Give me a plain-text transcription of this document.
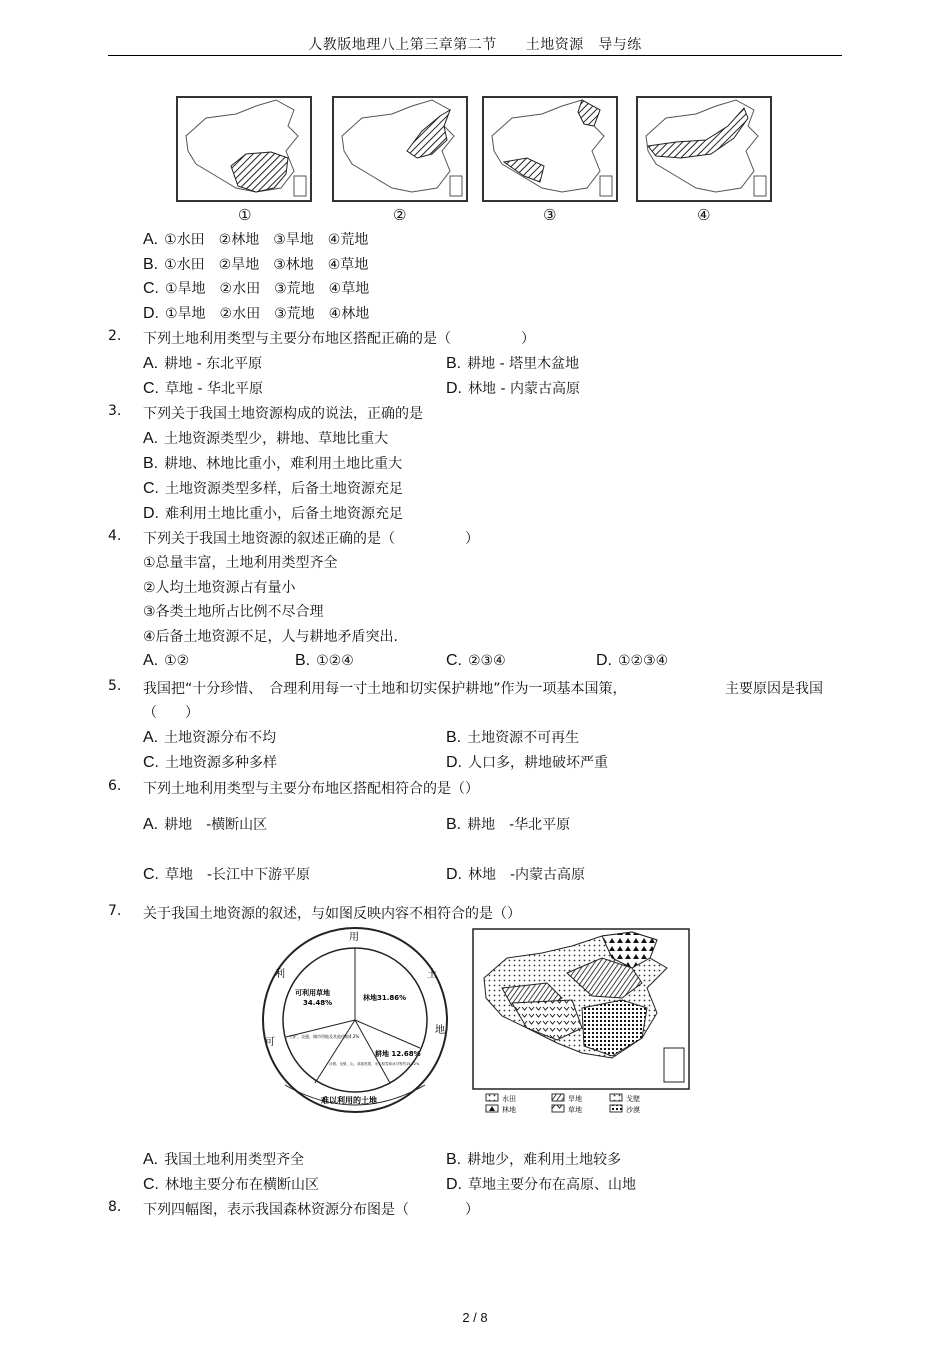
人教版地理八上第三章第二节　　土地资源　导与练
①	②	③	④
A. ①水田　②林地　③旱地　④荒地
B. ①水田　②旱地　③林地　④草地
C. ①旱地　②水田　③荒地　④草地
D. ①旱地　②水田　③荒地　④林地
2. 下列土地利用类型与主要分布地区搭配正确的是（　　　　　）
A. 耕地 - 东北平原	B. 耕地 - 塔里木盆地
C. 草地 - 华北平原	D. 林地 - 内蒙古高原
3. 下列关于我国土地资源构成的说法，正确的是
A. 土地资源类型少，耕地、草地比重大
B. 耕地、林地比重小，难利用土地比重大
C. 土地资源类型多样，后备土地资源充足
D. 难利用土地比重小，后备土地资源充足
4. 下列关于我国土地资源的叙述正确的是（　　　　　）
①总量丰富，土地利用类型齐全
②人均土地资源占有量小
③各类土地所占比例不尽合理
④后备土地资源不足，人与耕地矛盾突出.
A. ①②	B. ①②④	C. ②③④	D. ①②③④
5. 我国把“十分珍惜、　合理利用每一寸土地和切实保护耕地”作为一项基本国策，	主要原因是我国
（　　）
A. 土地资源分布不均	B. 土地资源不可再生
C. 土地资源多种多样	D. 人口多，耕地破坏严重
6. 下列土地利用类型与主要分布地区搭配相符合的是（）
A. 耕地　-横断山区	B. 耕地　-华北平原
C. 草地　-长江中下游平原	D. 林地　-内蒙古高原
7. 关于我国土地资源的叙述，与如图反映内容不相符合的是（）
用
土
地
利
可
可利用草地
34.48%
林地31.86%
耕地 12.68%
工矿、交通、城市用地及其他用地4.2%
沙漠、戈壁、山、高寒荒漠、永久积雪和冰川等约15.72%
难以利用的土地	水田	旱地	戈壁
林地	草地	沙漠
A. 我国土地利用类型齐全	B. 耕地少，难利用土地较多
C. 林地主要分布在横断山区	D. 草地主要分布在高原、山地
8. 下列四幅图，表示我国森林资源分布图是（　　　　）
2 / 8
